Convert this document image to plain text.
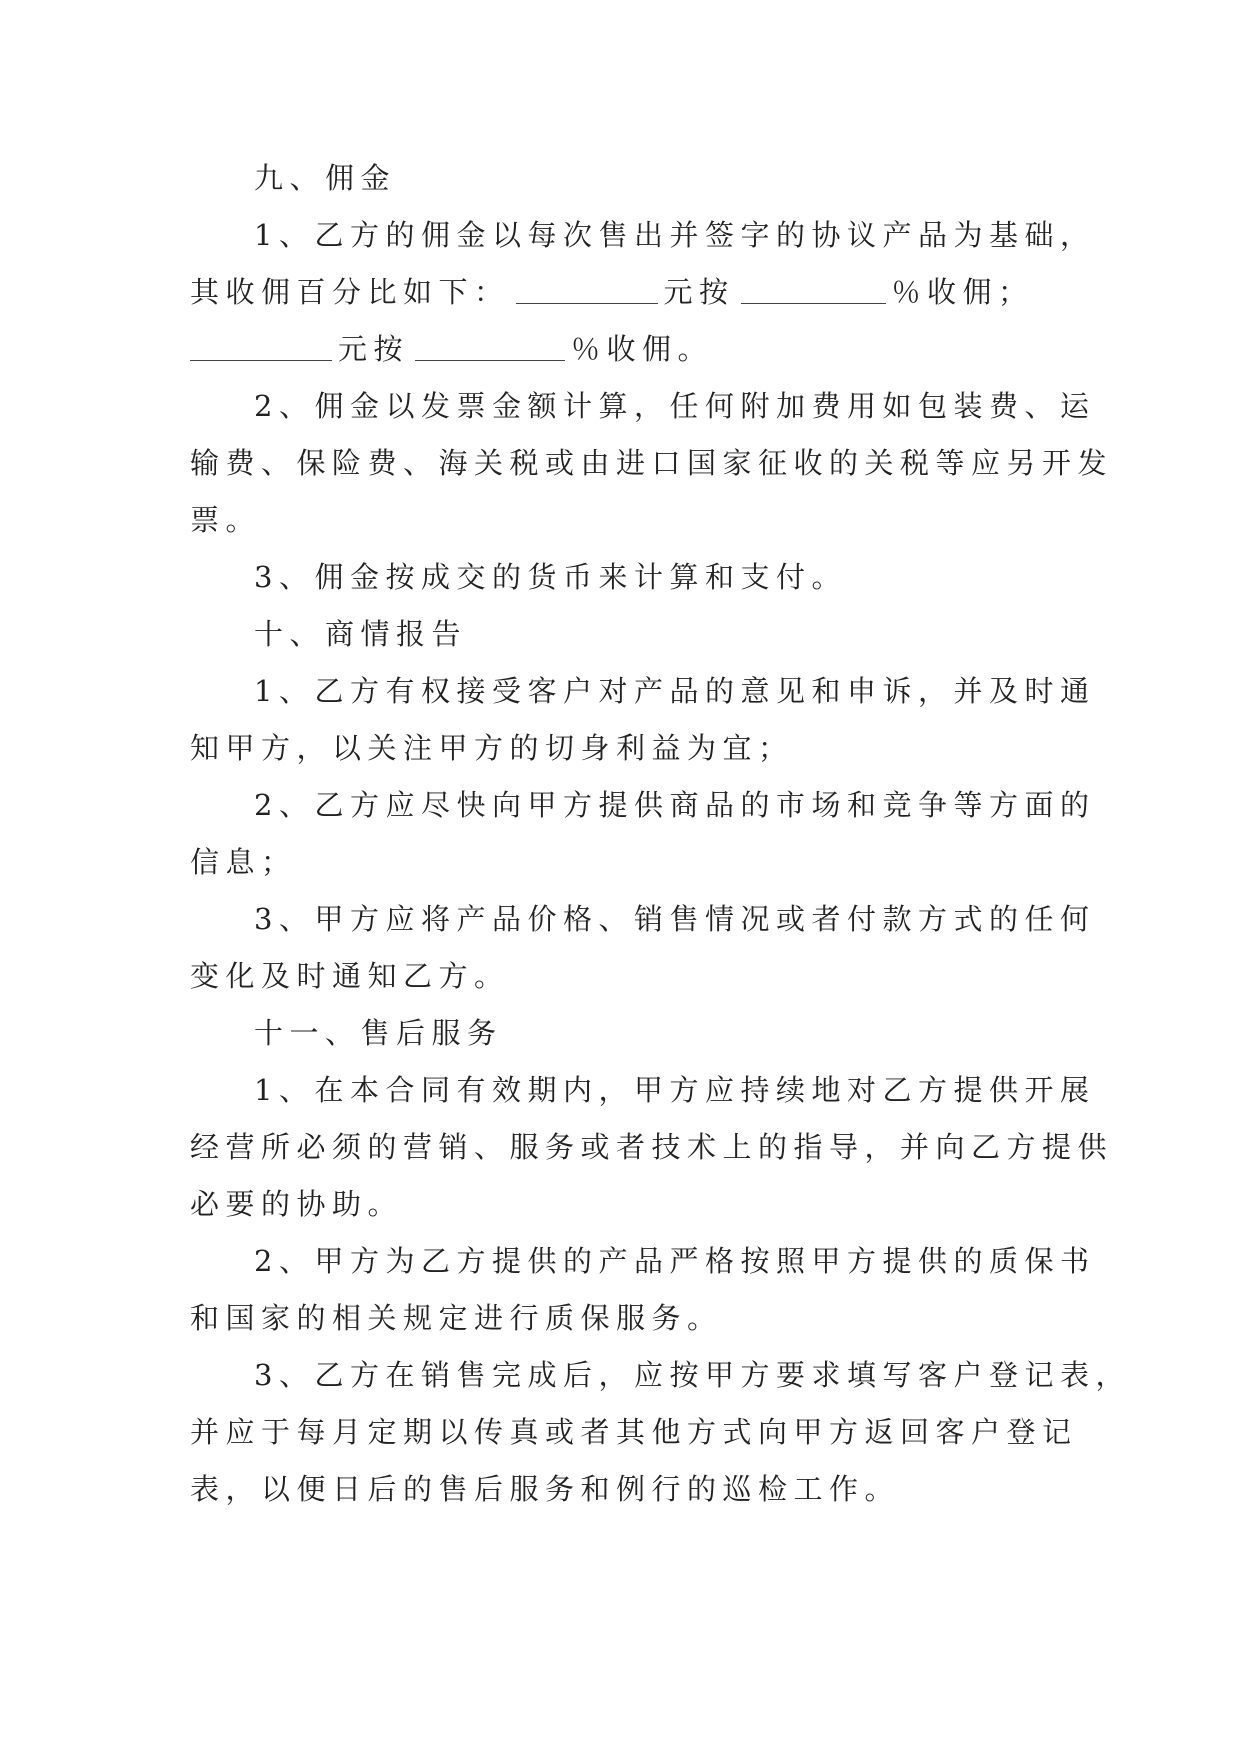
九、佣金
1、乙方的佣金以每次售出并签字的协议产品为基础，
其收佣百分比如下：	元按	％收佣；
元按	％收佣。
2、佣金以发票金额计算，任何附加费用如包装费、运
输费、保险费、海关税或由进口国家征收的关税等应另开发
票。
3、佣金按成交的货币来计算和支付。
十、商情报告
1、乙方有权接受客户对产品的意见和申诉，并及时通
知甲方，以关注甲方的切身利益为宜；
2、乙方应尽快向甲方提供商品的市场和竞争等方面的
信息；
3、甲方应将产品价格、销售情况或者付款方式的任何
变化及时通知乙方。
十一、售后服务
1、在本合同有效期内，甲方应持续地对乙方提供开展
经营所必须的营销、服务或者技术上的指导，并向乙方提供
必要的协助。
2、甲方为乙方提供的产品严格按照甲方提供的质保书
和国家的相关规定进行质保服务。
3、乙方在销售完成后，应按甲方要求填写客户登记表，
并应于每月定期以传真或者其他方式向甲方返回客户登记
表，以便日后的售后服务和例行的巡检工作。
